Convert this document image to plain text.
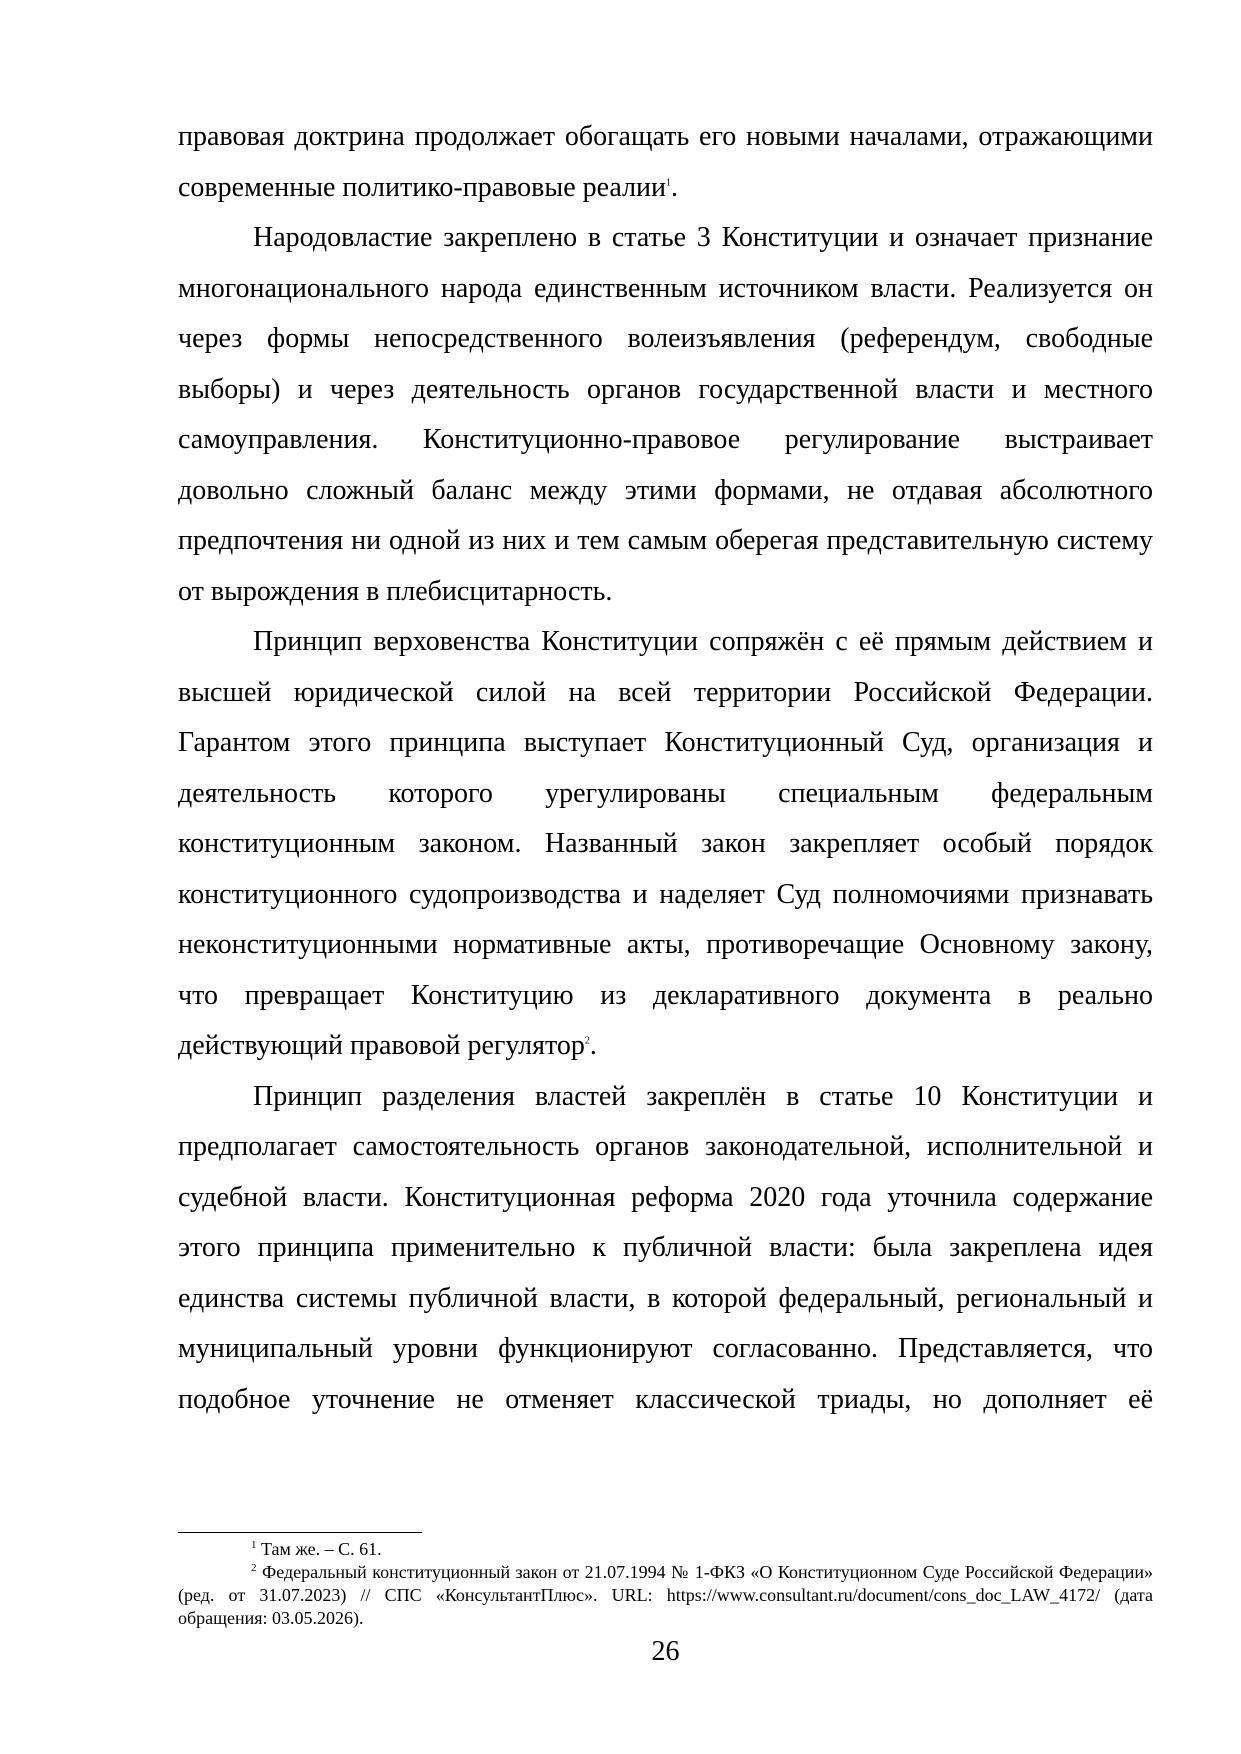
правовая доктрина продолжает обогащать его новыми началами, отражающими современные политико-правовые реалии$^1$.

Народовластие закреплено в статье 3 Конституции и означает признание многонационального народа единственным источником власти. Реализуется он через формы непосредственного волеизъявления (референдум, свободные выборы) и через деятельность органов государственной власти и местного самоуправления. Конституционно-правовое регулирование выстраивает довольно сложный баланс между этими формами, не отдавая абсолютного предпочтения ни одной из них и тем самым оберегая представительную систему от вырождения в плебисцитарность.

Принцип верховенства Конституции сопряжён с её прямым действием и высшей юридической силой на всей территории Российской Федерации. Гарантом этого принципа выступает Конституционный Суд, организация и деятельность которого урегулированы специальным федеральным конституционным законом. Названный закон закрепляет особый порядок конституционного судопроизводства и наделяет Суд полномочиями признавать неконституционными нормативные акты, противоречащие Основному закону, что превращает Конституцию из декларативного документа в реально действующий правовой регулятор$^2$.

Принцип разделения властей закреплён в статье 10 Конституции и предполагает самостоятельность органов законодательной, исполнительной и судебной власти. Конституционная реформа 2020 года уточнила содержание этого принципа применительно к публичной власти: была закреплена идея единства системы публичной власти, в которой федеральный, региональный и муниципальный уровни функционируют согласованно. Представляется, что подобное уточнение не отменяет классической триады, но дополняет её

$^1$ Там же. – С. 61.

$^2$ Федеральный конституционный закон от 21.07.1994 № 1-ФКЗ «О Конституционном Суде Российской Федерации» (ред. от 31.07.2023) // СПС «КонсультантПлюс». URL: https://www.consultant.ru/document/cons_doc_LAW_4172/ (дата обращения: 03.05.2026).

26
